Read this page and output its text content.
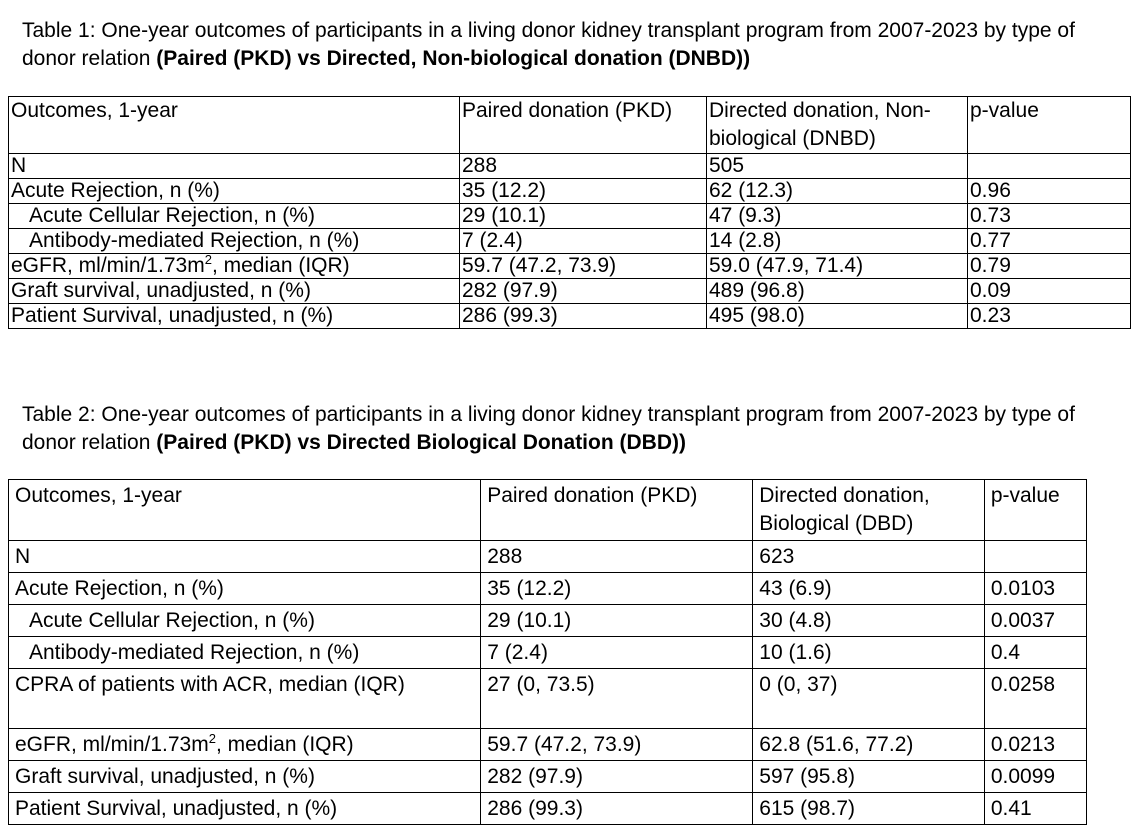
Table 1: One-year outcomes of participants in a living donor kidney transplant program from 2007-2023 by type of donor relation (Paired (PKD) vs Directed, Non-biological donation (DNBD))
Outcomes, 1-year	Paired donation (PKD)	Directed donation, Non-biological (DNBD)	p-value
N	288	505	
Acute Rejection, n (%)	35 (12.2)	62 (12.3)	0.96
Acute Cellular Rejection, n (%)	29 (10.1)	47 (9.3)	0.73
Antibody-mediated Rejection, n (%)	7 (2.4)	14 (2.8)	0.77
eGFR, $ml/\min/1.73m^2$, median (IQR)	59.7 (47.2, 73.9)	59.0 (47.9, 71.4)	0.79
Graft survival, unadjusted, n (%)	282 (97.9)	489 (96.8)	0.09
Patient Survival, unadjusted, n (%)	286 (99.3)	495 (98.0)	0.23
Table 2: One-year outcomes of participants in a living donor kidney transplant program from 2007-2023 by type of donor relation (Paired (PKD) vs Directed Biological Donation (DBD))
Outcomes, 1-year	Paired donation (PKD)	Directed donation, Biological (DBD)	p-value
N	288	623	
Acute Rejection, n (%)	35 (12.2)	43 (6.9)	0.0103
Acute Cellular Rejection, n (%)	29 (10.1)	30 (4.8)	0.0037
Antibody-mediated Rejection, n (%)	7 (2.4)	10 (1.6)	0.4
CPRA of patients with ACR, median (IQR)	27 (0, 73.5)	0 (0, 37)	0.0258
eGFR, $ml/\min/1.73m^2$, median (IQR)	59.7 (47.2, 73.9)	62.8 (51.6, 77.2)	0.0213
Graft survival, unadjusted, n (%)	282 (97.9)	597 (95.8)	0.0099
Patient Survival, unadjusted, n (%)	286 (99.3)	615 (98.7)	0.41
